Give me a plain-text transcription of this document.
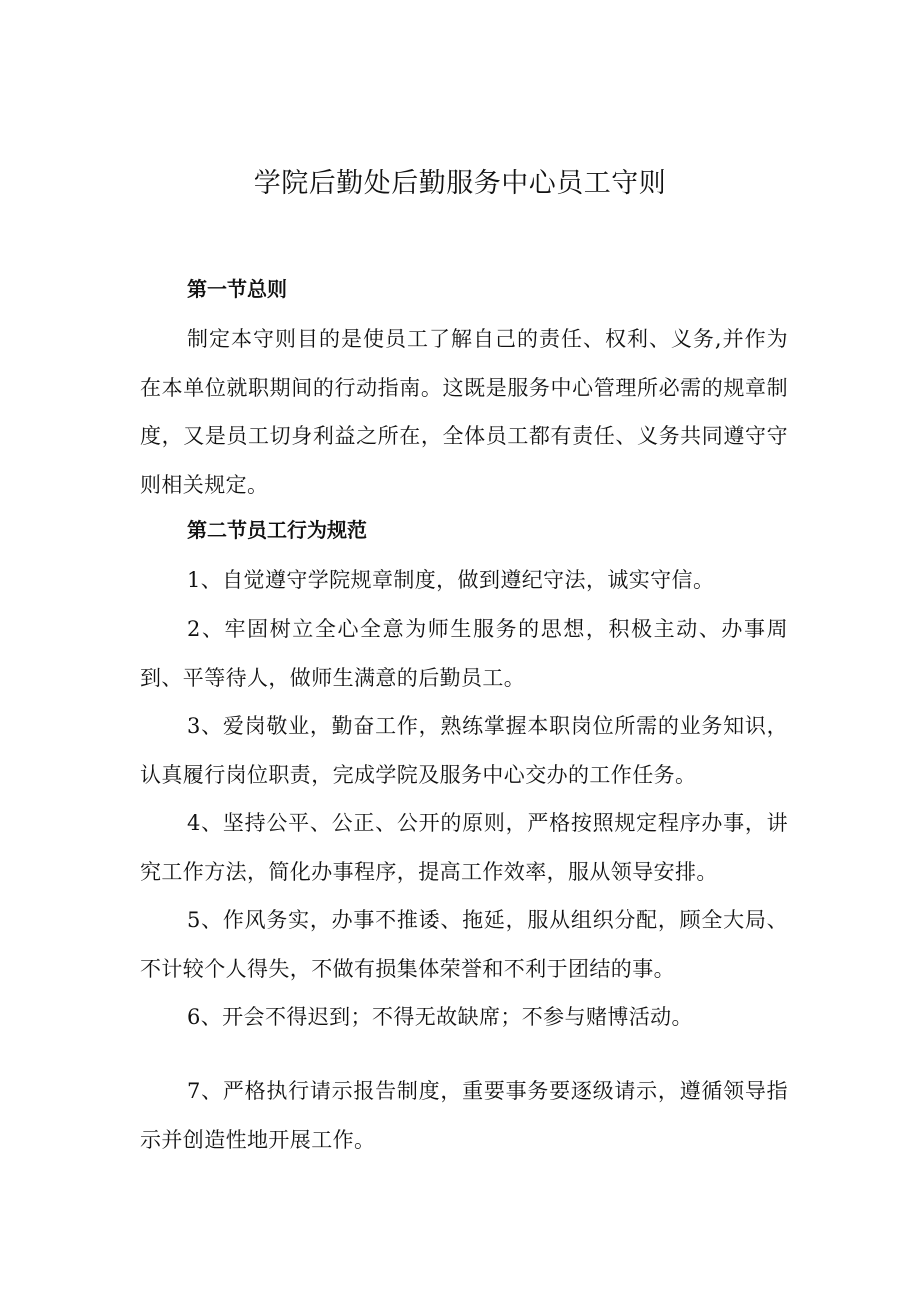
学院后勤处后勤服务中心员工守则
第一节总则
制定本守则目的是使员工了解自己的责任、权利、义务,并作为在本单位就职期间的行动指南。这既是服务中心管理所必需的规章制度，又是员工切身利益之所在，全体员工都有责任、义务共同遵守守则相关规定。
第二节员工行为规范
1、自觉遵守学院规章制度，做到遵纪守法，诚实守信。
2、牢固树立全心全意为师生服务的思想，积极主动、办事周到、平等待人，做师生满意的后勤员工。
3、爱岗敬业，勤奋工作，熟练掌握本职岗位所需的业务知识，认真履行岗位职责，完成学院及服务中心交办的工作任务。
4、坚持公平、公正、公开的原则，严格按照规定程序办事，讲究工作方法，简化办事程序，提高工作效率，服从领导安排。
5、作风务实，办事不推诿、拖延，服从组织分配，顾全大局、不计较个人得失，不做有损集体荣誉和不利于团结的事。
6、开会不得迟到；不得无故缺席；不参与赌博活动。
7、严格执行请示报告制度，重要事务要逐级请示，遵循领导指示并创造性地开展工作。
